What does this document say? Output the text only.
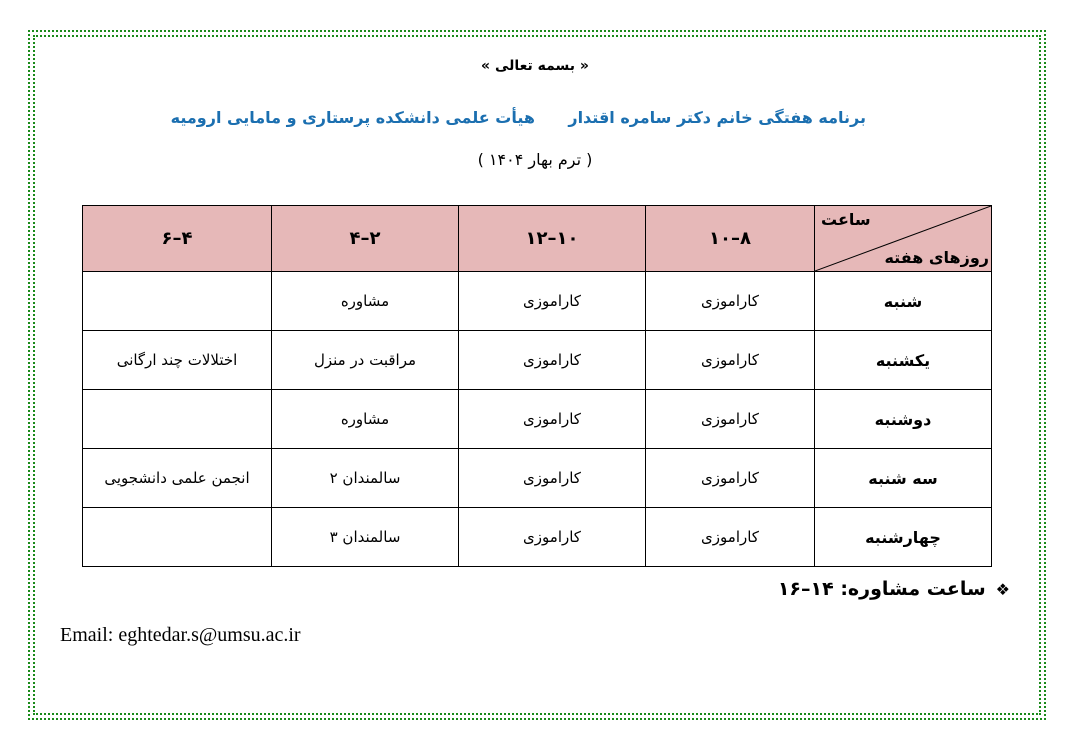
« بسمه تعالی »
برنامه هفتگی خانم دکتر سامره اقتدار
هیأت علمی دانشکده پرستاری و مامایی ارومیه
( ترم بهار ۱۴۰۴ )
ساعت
روزهای هفته	۸–۱۰	۱۰–۱۲	۲–۴	۴–۶
شنبه	کاراموزی	کاراموزی	مشاوره	
یکشنبه	کاراموزی	کاراموزی	مراقبت در منزل	اختلالات چند ارگانی
دوشنبه	کاراموزی	کاراموزی	مشاوره	
سه شنبه	کاراموزی	کاراموزی	سالمندان ۲	انجمن علمی دانشجویی
چهارشنبه	کاراموزی	کاراموزی	سالمندان ۳	
❖ساعت مشاوره: ۱۴–۱۶
Email: eghtedar.s@umsu.ac.ir
